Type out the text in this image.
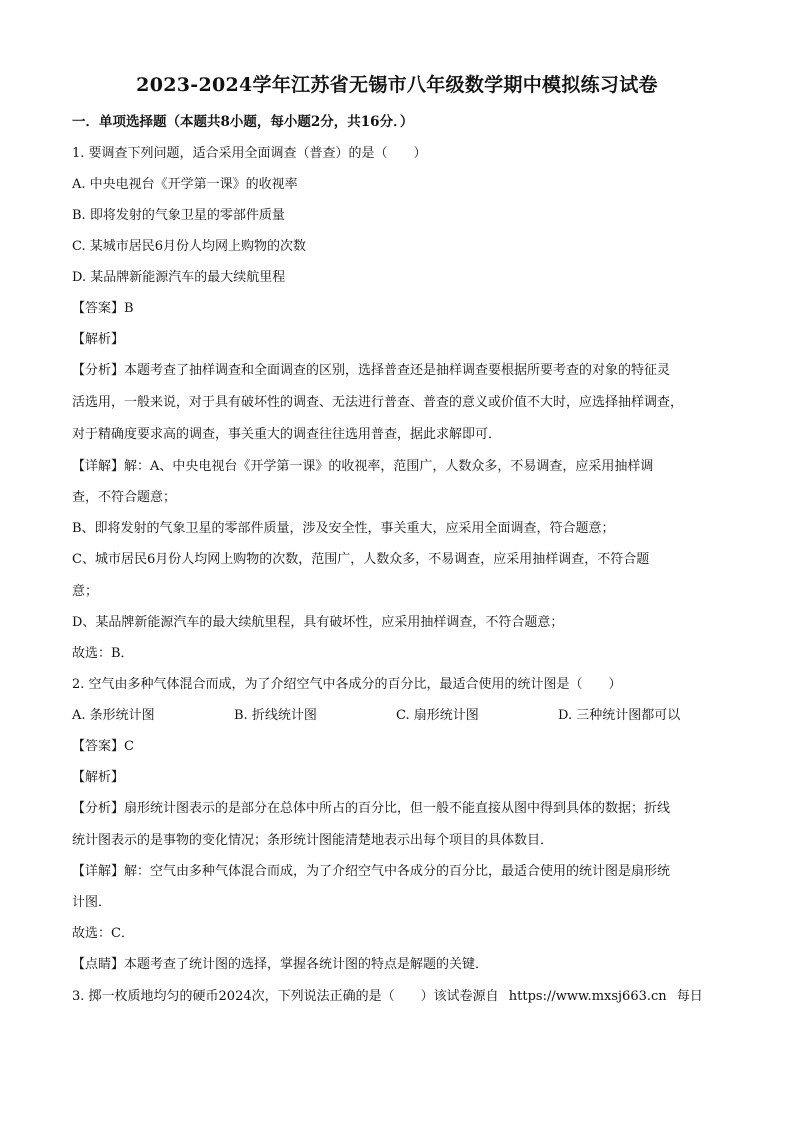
2023-2024学年江苏省无锡市八年级数学期中模拟练习试卷
一．单项选择题（本题共8小题，每小题2分，共16分．）
1. 要调查下列问题，适合采用全面调查（普查）的是（　　）
A. 中央电视台《开学第一课》的收视率
B. 即将发射的气象卫星的零部件质量
C. 某城市居民6月份人均网上购物的次数
D. 某品牌新能源汽车的最大续航里程
【答案】B
【解析】
【分析】本题考查了抽样调查和全面调查的区别，选择普查还是抽样调查要根据所要考查的对象的特征灵
活选用，一般来说，对于具有破坏性的调查、无法进行普查、普查的意义或价值不大时，应选择抽样调查，
对于精确度要求高的调查，事关重大的调查往往选用普查，据此求解即可．
【详解】解：A、中央电视台《开学第一课》的收视率，范围广，人数众多，不易调查，应采用抽样调
查，不符合题意；
B、即将发射的气象卫星的零部件质量，涉及安全性，事关重大，应采用全面调查，符合题意；
C、城市居民6月份人均网上购物的次数，范围广，人数众多，不易调查，应采用抽样调查，不符合题
意；
D、某品牌新能源汽车的最大续航里程，具有破坏性，应采用抽样调查，不符合题意；
故选：B．
2. 空气由多种气体混合而成，为了介绍空气中各成分的百分比，最适合使用的统计图是（　　）
A. 条形统计图	B. 折线统计图	C. 扇形统计图	D. 三种统计图都可以
【答案】C
【解析】
【分析】扇形统计图表示的是部分在总体中所占的百分比，但一般不能直接从图中得到具体的数据；折线
统计图表示的是事物的变化情况；条形统计图能清楚地表示出每个项目的具体数目．
【详解】解：空气由多种气体混合而成，为了介绍空气中各成分的百分比，最适合使用的统计图是扇形统
计图．
故选：C．
【点睛】本题考查了统计图的选择，掌握各统计图的特点是解题的关键．
3. 掷一枚质地均匀的硬币2024次，下列说法正确的是（　　）该试卷源自 https://www.mxsj663.cn 每日
